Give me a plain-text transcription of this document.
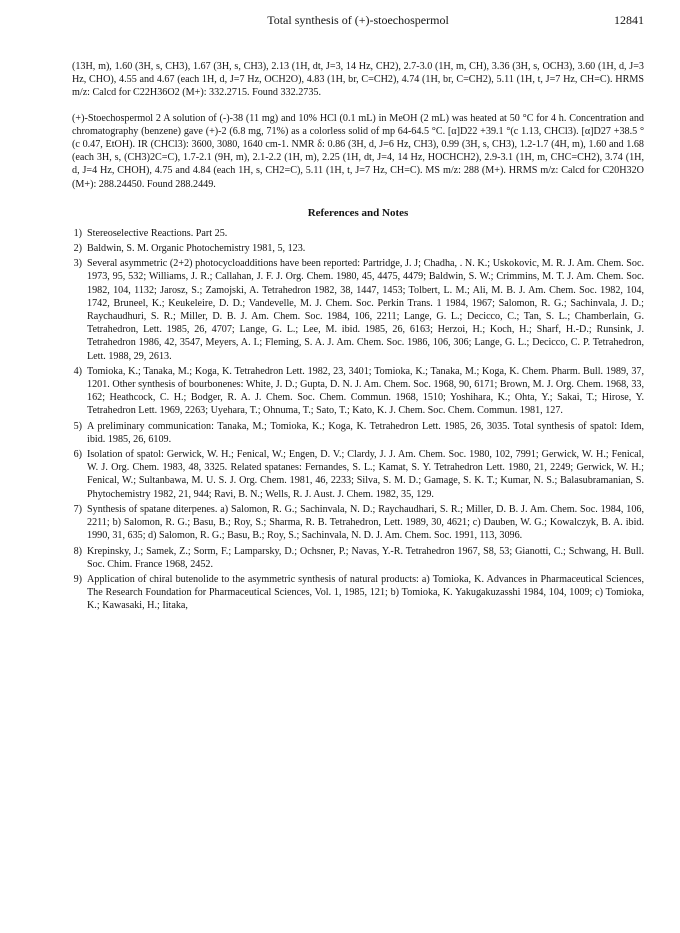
Total synthesis of (+)-stoechospermol	12841

(13H, m), 1.60 (3H, s, CH3), 1.67 (3H, s, CH3), 2.13 (1H, dt, J=3, 14 Hz, CH2), 2.7-3.0 (1H, m, CH), 3.36 (3H, s, OCH3), 3.60 (1H, d, J=3 Hz, CHO), 4.55 and 4.67 (each 1H, d, J=7 Hz, OCH2O), 4.83 (1H, br, C=CH2), 4.74 (1H, br, C=CH2), 5.11 (1H, t, J=7 Hz, CH=C). HRMS m/z: Calcd for C22H36O2 (M+): 332.2715. Found 332.2735.

(+)-Stoechospermol 2 A solution of (-)-38 (11 mg) and 10% HCl (0.1 mL) in MeOH (2 mL) was heated at 50 °C for 4 h. Concentration and chromatography (benzene) gave (+)-2 (6.8 mg, 71%) as a colorless solid of mp 64-64.5 °C. [α]D22 +39.1 °(c 1.13, CHCl3). [α]D27 +38.5 °(c 0.47, EtOH). IR (CHCl3): 3600, 3080, 1640 cm-1. NMR δ: 0.86 (3H, d, J=6 Hz, CH3), 0.99 (3H, s, CH3), 1.2-1.7 (4H, m), 1.60 and 1.68 (each 3H, s, (CH3)2C=C), 1.7-2.1 (9H, m), 2.1-2.2 (1H, m), 2.25 (1H, dt, J=4, 14 Hz, HOCHCH2), 2.9-3.1 (1H, m, CHC=CH2), 3.74 (1H, d, J=4 Hz, CHOH), 4.75 and 4.84 (each 1H, s, CH2=C), 5.11 (1H, t, J=7 Hz, CH=C). MS m/z: 288 (M+). HRMS m/z: Calcd for C20H32O (M+): 288.24450. Found 288.2449.

References and Notes
1) Stereoselective Reactions. Part 25.
2) Baldwin, S. M. Organic Photochemistry 1981, 5, 123.
3) Several asymmetric (2+2) photocycloadditions have been reported: Partridge, J. J; Chadha, . N. K.; Uskokovic, M. R. J. Am. Chem. Soc. 1973, 95, 532; Williams, J. R.; Callahan, J. F. J. Org. Chem. 1980, 45, 4475, 4479; Baldwin, S. W.; Crimmins, M. T. J. Am. Chem. Soc. 1982, 104, 1132; Jarosz, S.; Zamojski, A. Tetrahedron 1982, 38, 1447, 1453; Tolbert, L. M.; Ali, M. B. J. Am. Chem. Soc. 1982, 104, 1742, Bruneel, K.; Keukeleire, D. D.; Vandevelle, M. J. Chem. Soc. Perkin Trans. 1 1984, 1967; Salomon, R. G.; Sachinvala, J. D.; Raychaudhuri, S. R.; Miller, D. B. J. Am. Chem. Soc. 1984, 106, 2211; Lange, G. L.; Decicco, C.; Tan, S. L.; Chamberlain, G. Tetrahedron, Lett. 1985, 26, 4707; Lange, G. L.; Lee, M. ibid. 1985, 26, 6163; Herzoi, H.; Koch, H.; Sharf, H.-D.; Runsink, J. Tetrahedron 1986, 42, 3547, Meyers, A. I.; Fleming, S. A. J. Am. Chem. Soc. 1986, 106, 306; Lange, G. L.; Decicco, C. P. Tetrahedron, Lett. 1988, 29, 2613.
4) Tomioka, K.; Tanaka, M.; Koga, K. Tetrahedron Lett. 1982, 23, 3401; Tomioka, K.; Tanaka, M.; Koga, K. Chem. Pharm. Bull. 1989, 37, 1201. Other synthesis of bourbonenes: White, J. D.; Gupta, D. N. J. Am. Chem. Soc. 1968, 90, 6171; Brown, M. J. Org. Chem. 1968, 33, 162; Heathcock, C. H.; Bodger, R. A. J. Chem. Soc. Chem. Commun. 1968, 1510; Yoshihara, K.; Ohta, Y.; Sakai, T.; Hirose, Y. Tetrahedron Lett. 1969, 2263; Uyehara, T.; Ohnuma, T.; Sato, T.; Kato, K. J. Chem. Soc. Chem. Commun. 1981, 127.
5) A preliminary communication: Tanaka, M.; Tomioka, K.; Koga, K. Tetrahedron Lett. 1985, 26, 3035. Total synthesis of spatol: Idem, ibid. 1985, 26, 6109.
6) Isolation of spatol: Gerwick, W. H.; Fenical, W.; Engen, D. V.; Clardy, J. J. Am. Chem. Soc. 1980, 102, 7991; Gerwick, W. H.; Fenical, W. J. Org. Chem. 1983, 48, 3325. Related spatanes: Fernandes, S. L.; Kamat, S. Y. Tetrahedron Lett. 1980, 21, 2249; Gerwick, W. H.; Fenical, W.; Sultanbawa, M. U. S. J. Org. Chem. 1981, 46, 2233; Silva, S. M. D.; Gamage, S. K. T.; Kumar, N. S.; Balasubramanian, S. Phytochemistry 1982, 21, 944; Ravi, B. N.; Wells, R. J. Aust. J. Chem. 1982, 35, 129.
7) Synthesis of spatane diterpenes. a) Salomon, R. G.; Sachinvala, N. D.; Raychaudhari, S. R.; Miller, D. B. J. Am. Chem. Soc. 1984, 106, 2211; b) Salomon, R. G.; Basu, B.; Roy, S.; Sharma, R. B. Tetrahedron, Lett. 1989, 30, 4621; c) Dauben, W. G.; Kowalczyk, B. A. ibid. 1990, 31, 635; d) Salomon, R. G.; Basu, B.; Roy, S.; Sachinvala, N. D. J. Am. Chem. Soc. 1991, 113, 3096.
8) Krepinsky, J.; Samek, Z.; Sorm, F.; Lamparsky, D.; Ochsner, P.; Navas, Y.-R. Tetrahedron 1967, S8, 53; Gianotti, C.; Schwang, H. Bull. Soc. Chim. France 1968, 2452.
9) Application of chiral butenolide to the asymmetric synthesis of natural products: a) Tomioka, K. Advances in Pharmaceutical Sciences, The Research Foundation for Pharmaceutical Sciences, Vol. 1, 1985, 121; b) Tomioka, K. Yakugakuzasshi 1984, 104, 1009; c) Tomioka, K.; Kawasaki, H.; Iitaka,
